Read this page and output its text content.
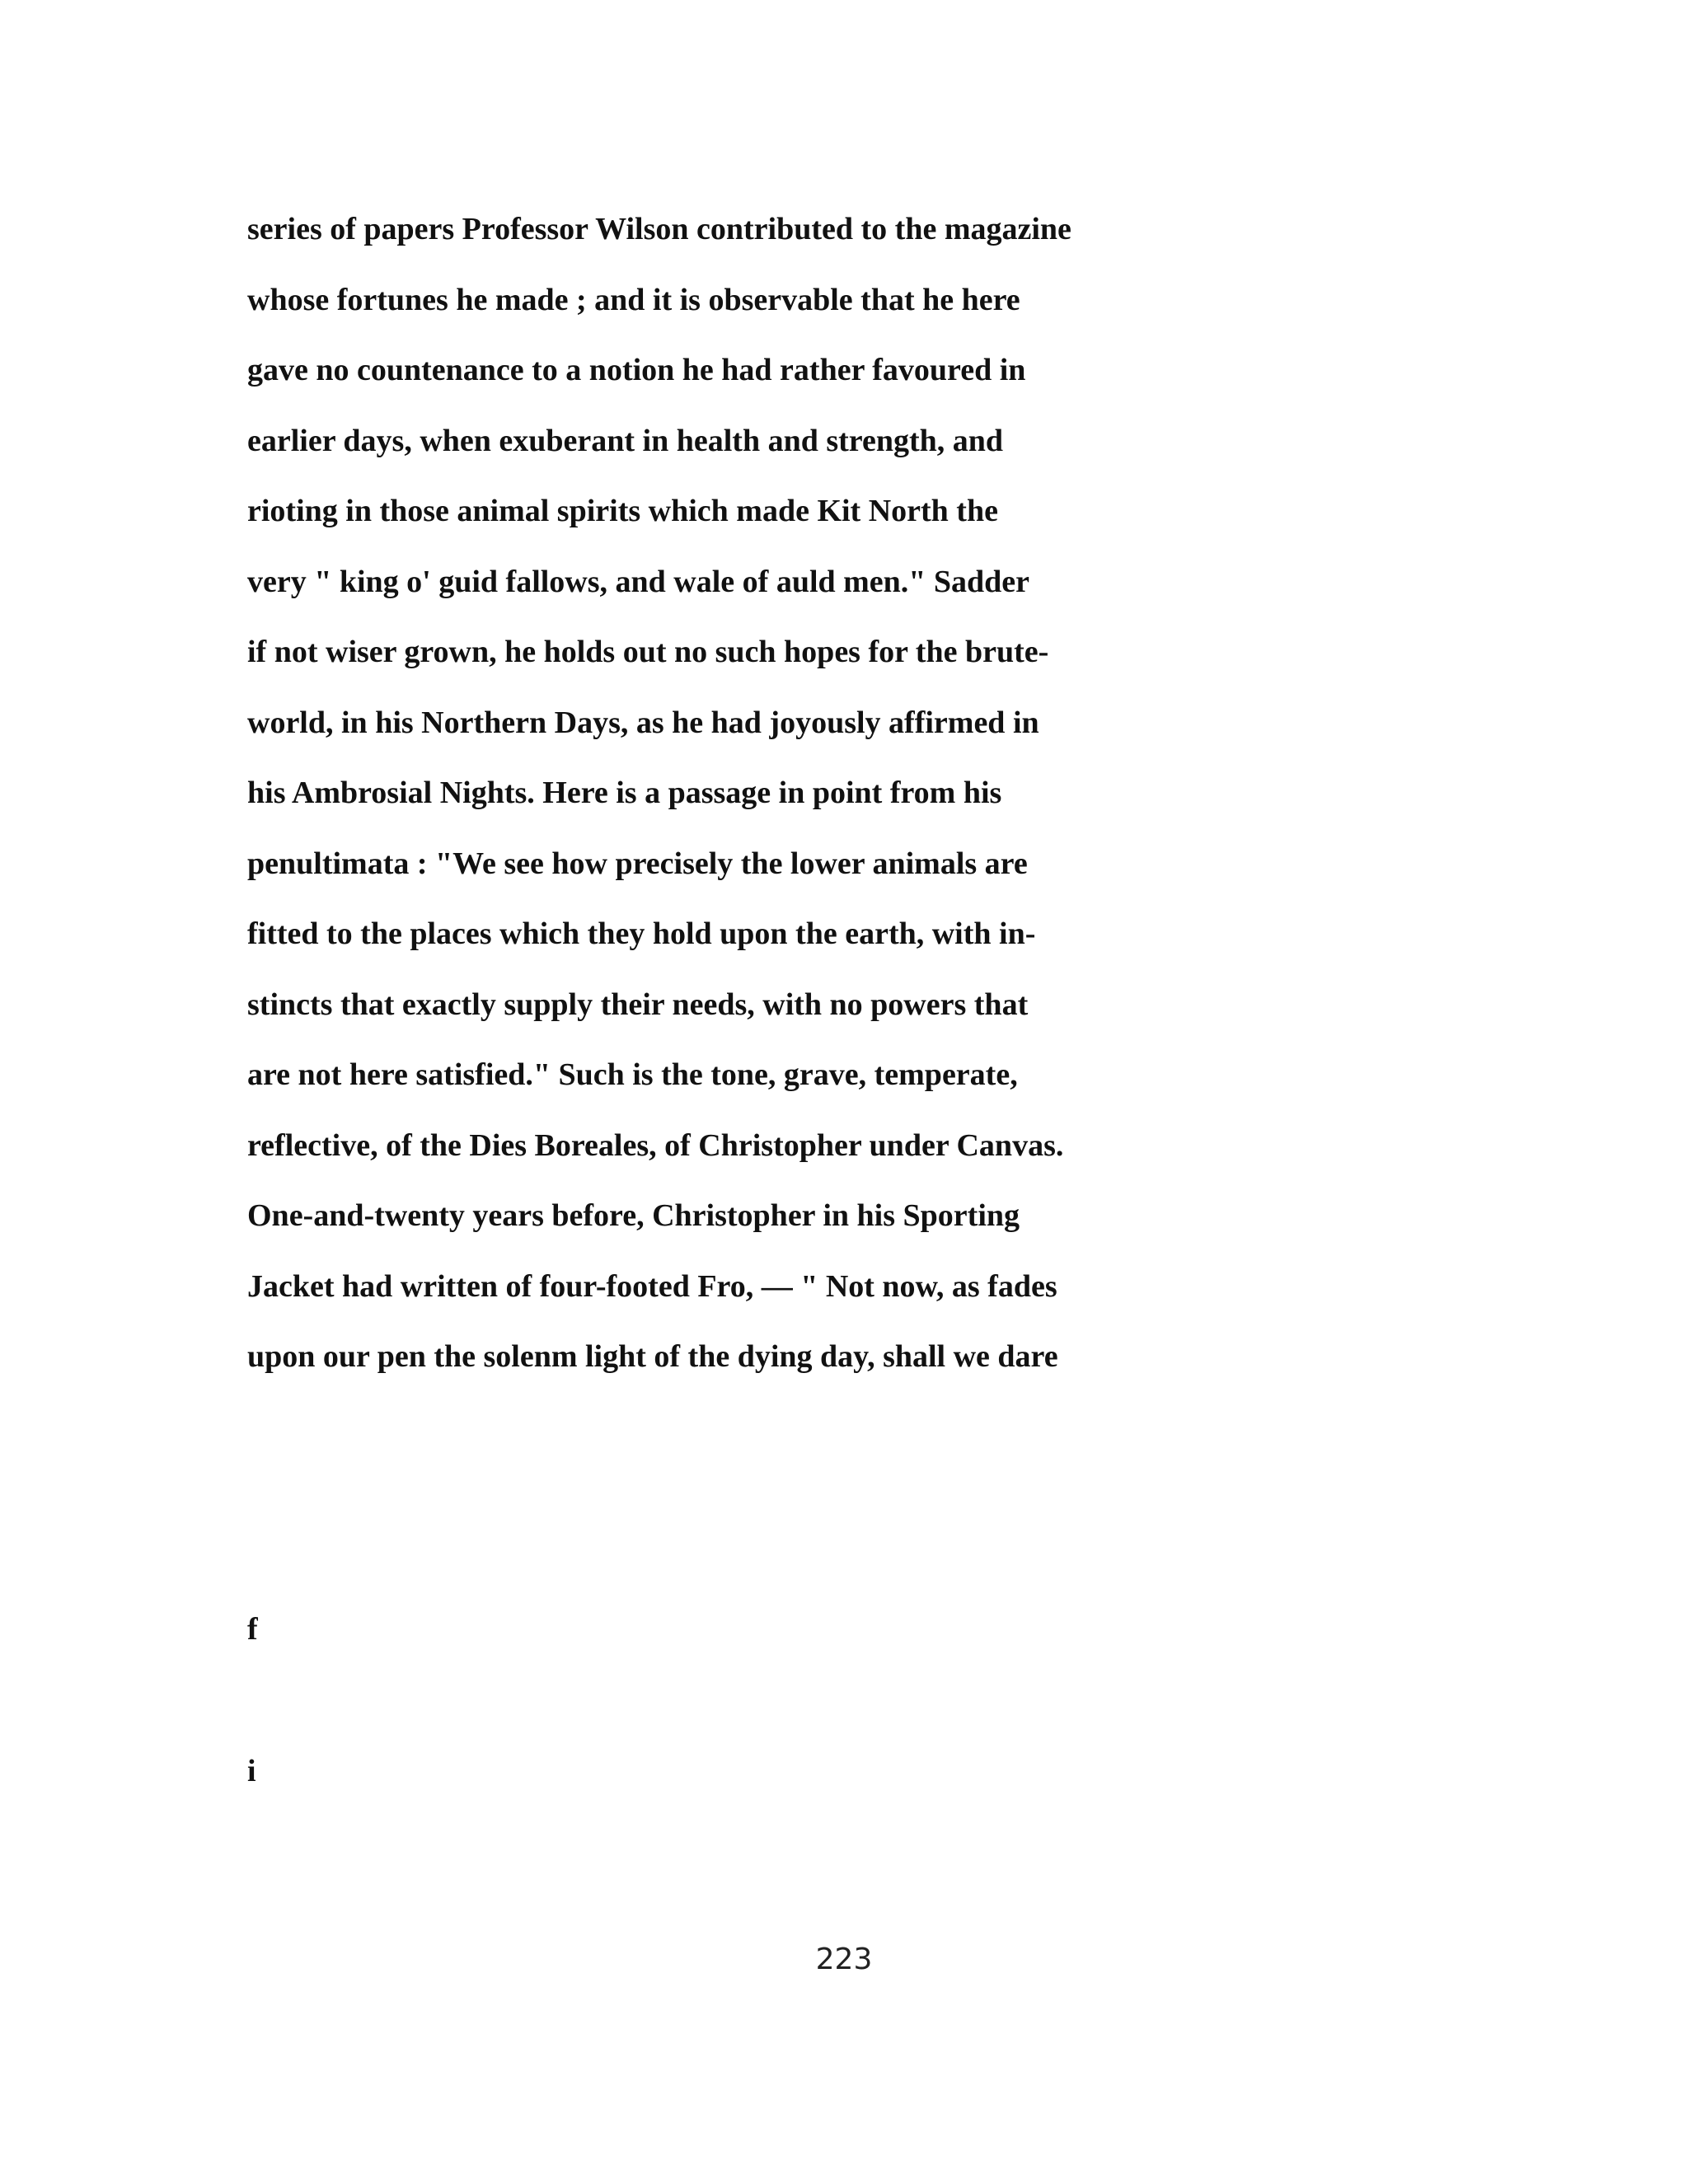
series of papers Professor Wilson contributed to the magazine
whose fortunes he made ; and it is observable that he here
gave no countenance to a notion he had rather favoured in
earlier days, when exuberant in health and strength, and
rioting in those animal spirits which made Kit North the
very " king o' guid fallows, and wale of auld men." Sadder
if not wiser grown, he holds out no such hopes for the brute-
world, in his Northern Days, as he had joyously affirmed in
his Ambrosial Nights. Here is a passage in point from his
penultimata : "We see how precisely the lower animals are
fitted to the places which they hold upon the earth, with in-
stincts that exactly supply their needs, with no powers that
are not here satisfied." Such is the tone, grave, temperate,
reflective, of the Dies Boreales, of Christopher under Canvas.
One-and-twenty years before, Christopher in his Sporting
Jacket had written of four-footed Fro, — " Not now, as fades
upon our pen the solenm light of the dying day, shall we dare
f
i
223
